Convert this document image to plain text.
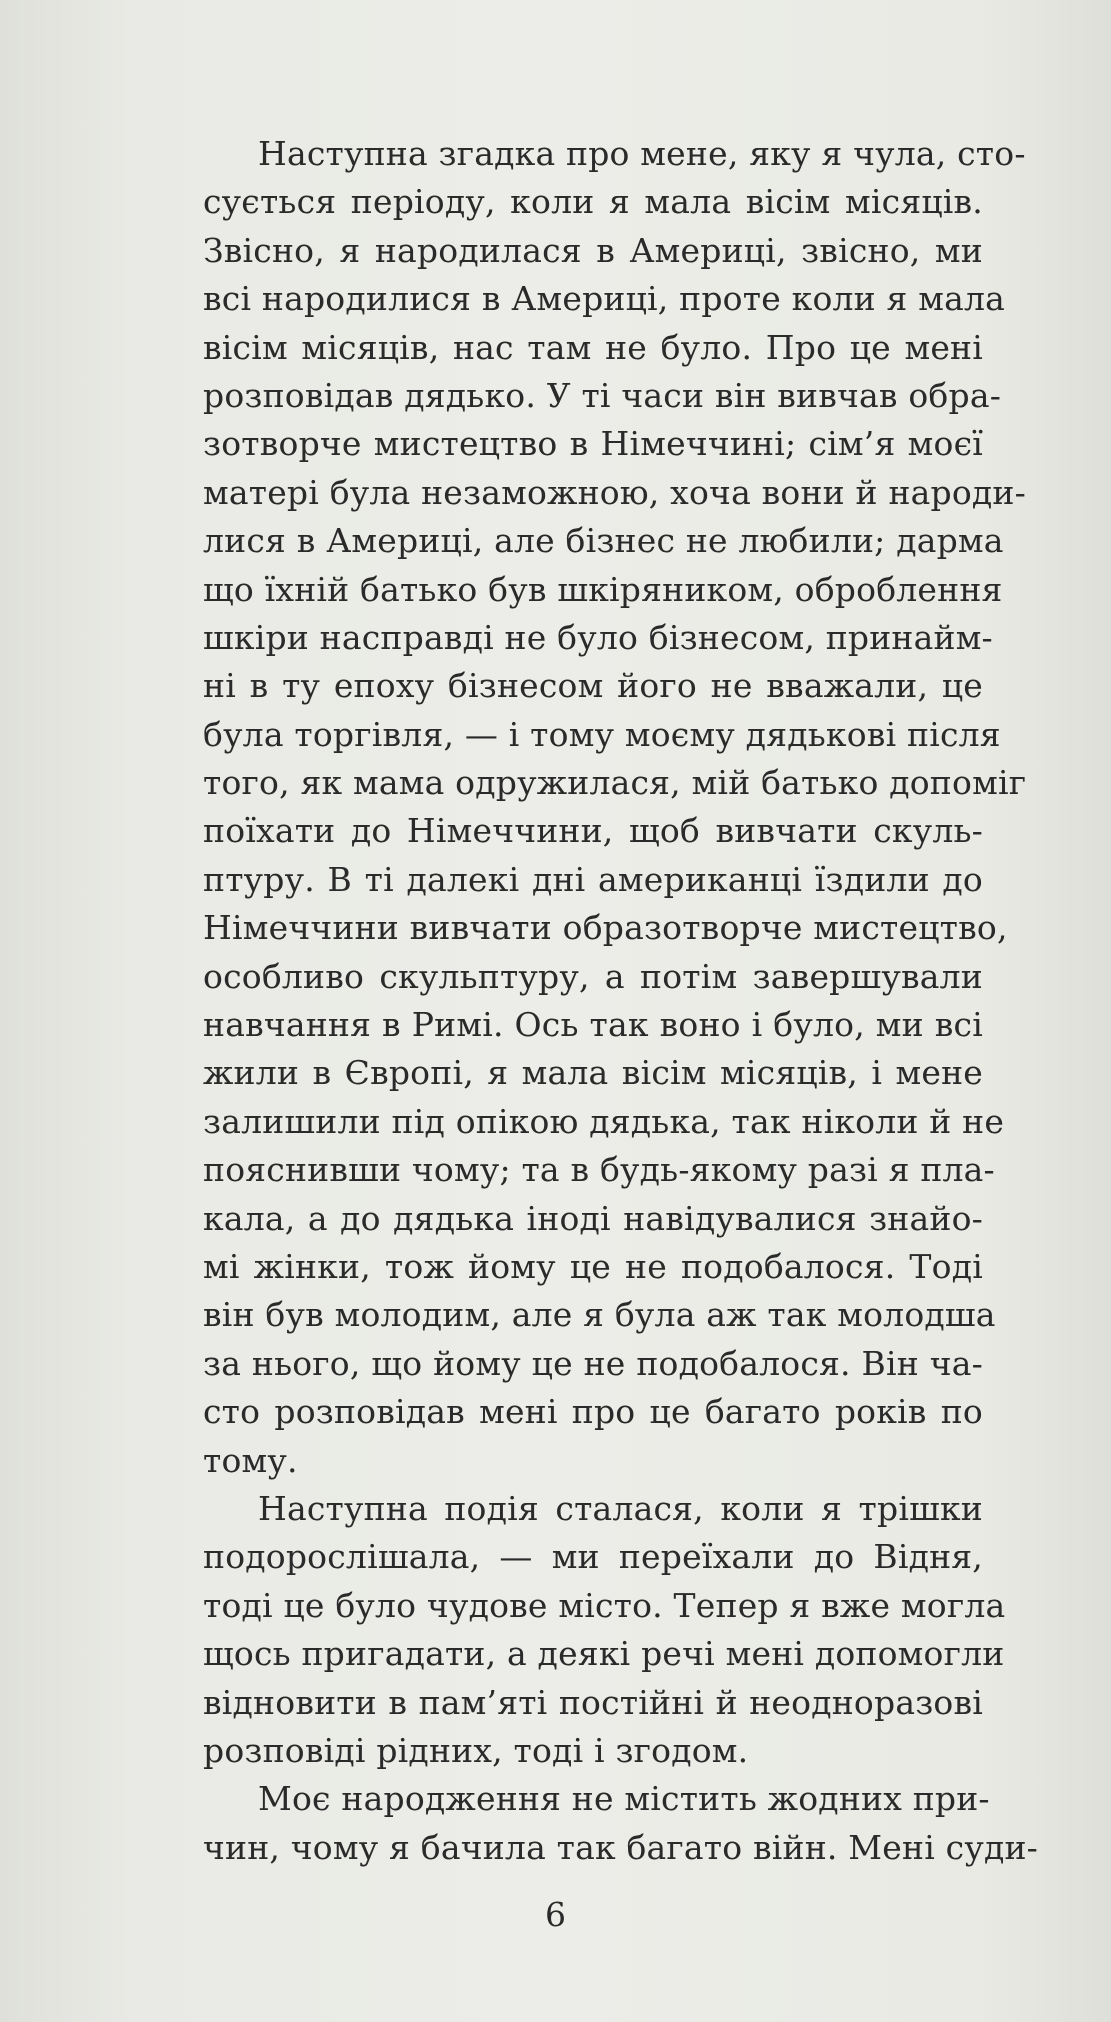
Наступна згадка про мене, яку я чула, сто-
сується періоду, коли я мала вісім місяців.
Звісно, я народилася в Америці, звісно, ми
всі народилися в Америці, проте коли я мала
вісім місяців, нас там не було. Про це мені
розповідав дядько. У ті часи він вивчав обра-
зотворче мистецтво в Німеччині; сім’я моєї
матері була незаможною, хоча вони й народи-
лися в Америці, але бізнес не любили; дарма
що їхній батько був шкіряником, оброблення
шкіри насправді не було бізнесом, принайм-
ні в ту епоху бізнесом його не вважали, це
була торгівля, — і тому моєму дядькові після
того, як мама одружилася, мій батько допоміг
поїхати до Німеччини, щоб вивчати скуль-
птуру. В ті далекі дні американці їздили до
Німеччини вивчати образотворче мистецтво,
особливо скульптуру, а потім завершували
навчання в Римі. Ось так воно і було, ми всі
жили в Європі, я мала вісім місяців, і мене
залишили під опікою дядька, так ніколи й не
пояснивши чому; та в будь-якому разі я пла-
кала, а до дядька іноді навідувалися знайо-
мі жінки, тож йому це не подобалося. Тоді
він був молодим, але я була аж так молодша
за нього, що йому це не подобалося. Він ча-
сто розповідав мені про це багато років по
тому.
Наступна подія сталася, коли я трішки
подорослішала, — ми переїхали до Відня,
тоді це було чудове місто. Тепер я вже могла
щось пригадати, а деякі речі мені допомогли
відновити в пам’яті постійні й неодноразові
розповіді рідних, тоді і згодом.
Моє народження не містить жодних при-
чин, чому я бачила так багато війн. Мені суди-
6
